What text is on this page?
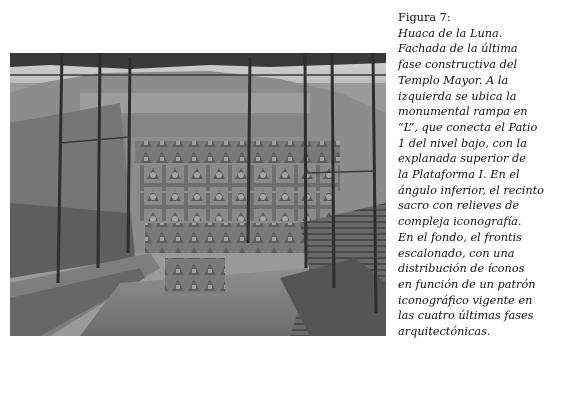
Figura 7:
Huaca de la Luna.
Fachada de la última
fase constructiva del
Templo Mayor. A la
izquierda se ubica la
monumental rampa en
“L”, que conecta el Patio
1 del nivel bajo, con la
explanada superior de
la Plataforma I. En el
ángulo inferior, el recinto
sacro con relieves de
compleja iconografía.
En el fondo, el frontis
escalonado, con una
distribución de íconos
en función de un patrón
iconográfico vigente en
las cuatro últimas fases
arquitectónicas.
